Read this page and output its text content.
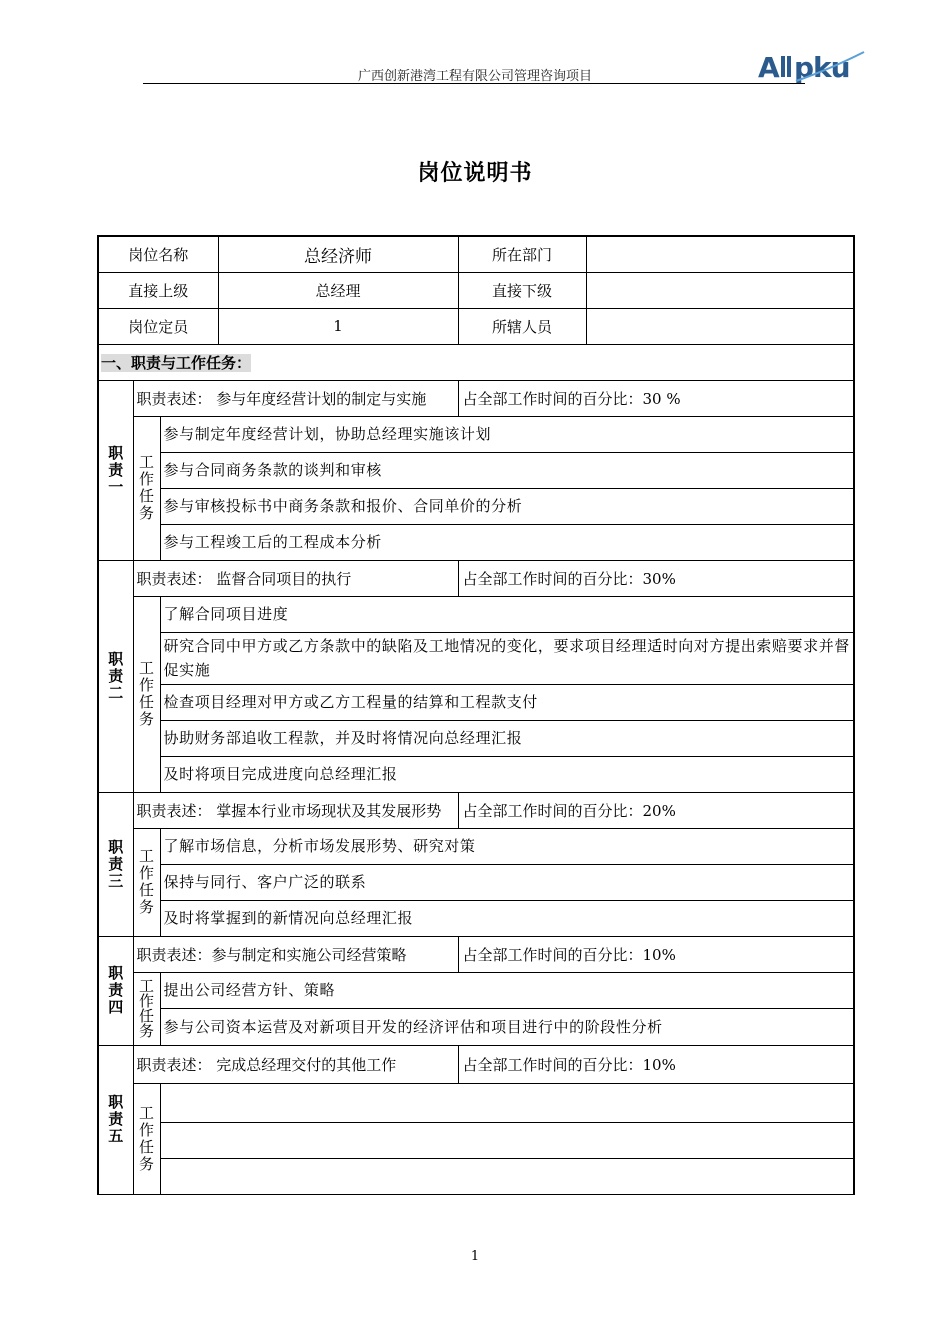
广西创新港湾工程有限公司管理咨询项目	A pku
岗位说明书
岗位名称			总经济师	所在部门	
直接上级			总经理	直接下级	
岗位定员			1	所辖人员	
一、职责与工作任务：					
职
责
一	职责表述： 参与年度经营计划的制定与实施			占全部工作时间的百分比：30 %	
	工
作
任
务	参与制定年度经营计划，协助总经理实施该计划			
		参与合同商务条款的谈判和审核			
		参与审核投标书中商务条款和报价、合同单价的分析			
		参与工程竣工后的工程成本分析			
职
责
二	职责表述： 监督合同项目的执行			占全部工作时间的百分比：30%	
	工
作
任
务	了解合同项目进度			
		研究合同中甲方或乙方条款中的缺陷及工地情况的变化，要求项目经理适时向对方提出索赔要求并督促实施			
		检查项目经理对甲方或乙方工程量的结算和工程款支付			
		协助财务部追收工程款，并及时将情况向总经理汇报			
		及时将项目完成进度向总经理汇报			
职
责
三	职责表述： 掌握本行业市场现状及其发展形势			占全部工作时间的百分比：20%	
	工
作
任
务	了解市场信息，分析市场发展形势、研究对策			
		保持与同行、客户广泛的联系			
		及时将掌握到的新情况向总经理汇报			
职
责
四	职责表述：参与制定和实施公司经营策略			占全部工作时间的百分比：10%	
	工
作
任
务	提出公司经营方针、策略			
		参与公司资本运营及对新项目开发的经济评估和项目进行中的阶段性分析			
职
责
五	职责表述： 完成总经理交付的其他工作			占全部工作时间的百分比：10%	
	工
作
任
务				

1
